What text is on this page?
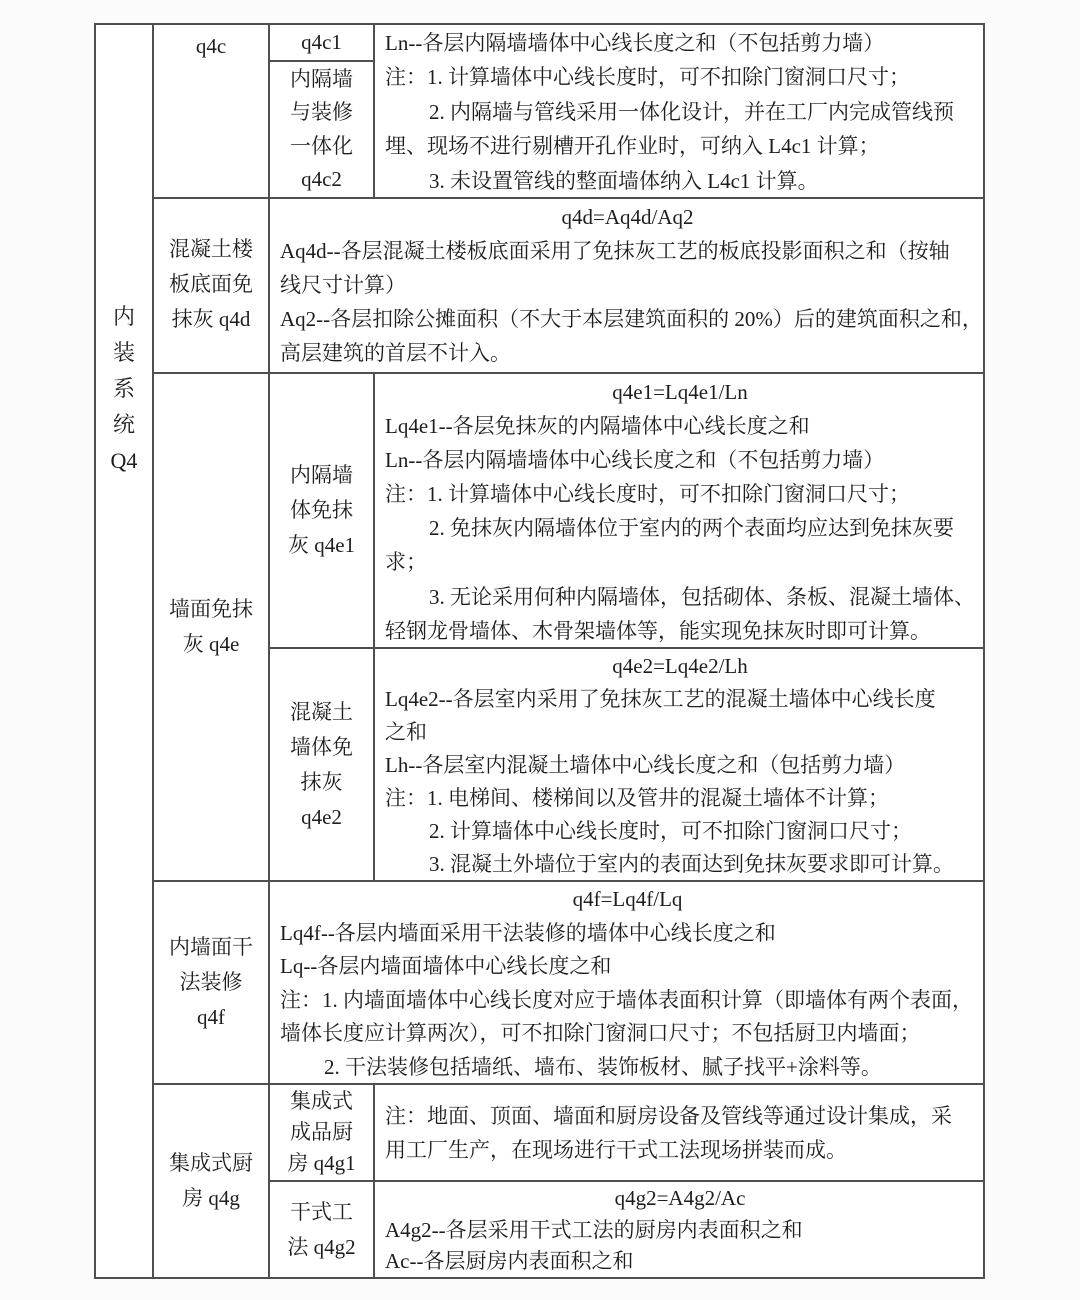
内
装
系
统
Q4
q4c	q4c1
内隔墙
与装修
一体化
q4c2
Ln--各层内隔墙墙体中心线长度之和（不包括剪力墙）
注：1. 计算墙体中心线长度时，可不扣除门窗洞口尺寸；
2. 内隔墙与管线采用一体化设计，并在工厂内完成管线预
埋、现场不进行剔槽开孔作业时，可纳入 L4c1 计算；
3. 未设置管线的整面墙体纳入 L4c1 计算。
混凝土楼
板底面免
抹灰 q4d
q4d=Aq4d/Aq2
Aq4d--各层混凝土楼板底面采用了免抹灰工艺的板底投影面积之和（按轴
线尺寸计算）
Aq2--各层扣除公摊面积（不大于本层建筑面积的 20%）后的建筑面积之和，
高层建筑的首层不计入。
墙面免抹
灰 q4e
内隔墙
体免抹
灰 q4e1
q4e1=Lq4e1/Ln
Lq4e1--各层免抹灰的内隔墙体中心线长度之和
Ln--各层内隔墙墙体中心线长度之和（不包括剪力墙）
注：1. 计算墙体中心线长度时，可不扣除门窗洞口尺寸；
2. 免抹灰内隔墙体位于室内的两个表面均应达到免抹灰要
求；
3. 无论采用何种内隔墙体，包括砌体、条板、混凝土墙体、
轻钢龙骨墙体、木骨架墙体等，能实现免抹灰时即可计算。
混凝土
墙体免
抹灰
q4e2
q4e2=Lq4e2/Lh
Lq4e2--各层室内采用了免抹灰工艺的混凝土墙体中心线长度
之和
Lh--各层室内混凝土墙体中心线长度之和（包括剪力墙）
注：1. 电梯间、楼梯间以及管井的混凝土墙体不计算；
2. 计算墙体中心线长度时，可不扣除门窗洞口尺寸；
3. 混凝土外墙位于室内的表面达到免抹灰要求即可计算。
内墙面干
法装修
q4f
q4f=Lq4f/Lq
Lq4f--各层内墙面采用干法装修的墙体中心线长度之和
Lq--各层内墙面墙体中心线长度之和
注：1. 内墙面墙体中心线长度对应于墙体表面积计算（即墙体有两个表面，
墙体长度应计算两次），可不扣除门窗洞口尺寸；不包括厨卫内墙面；
2. 干法装修包括墙纸、墙布、装饰板材、腻子找平+涂料等。
集成式厨
房 q4g
集成式
成品厨
房 q4g1
注：地面、顶面、墙面和厨房设备及管线等通过设计集成，采
用工厂生产，在现场进行干式工法现场拼装而成。
干式工
法 q4g2
q4g2=A4g2/Ac
A4g2--各层采用干式工法的厨房内表面积之和
Ac--各层厨房内表面积之和
